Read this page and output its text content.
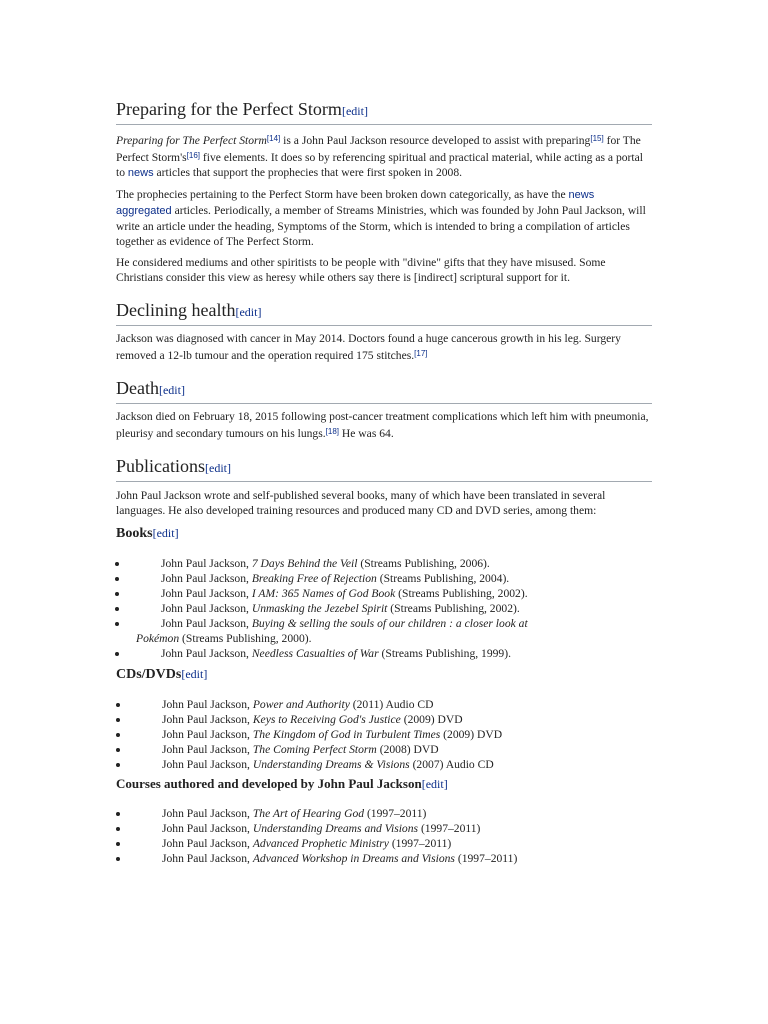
Preparing for the Perfect Storm[edit]

Preparing for The Perfect Storm[14] is a John Paul Jackson resource developed to assist with preparing[15] for The Perfect Storm's[16] five elements. It does so by referencing spiritual and practical material, while acting as a portal to news articles that support the prophecies that were first spoken in 2008.

The prophecies pertaining to the Perfect Storm have been broken down categorically, as have the news aggregated articles. Periodically, a member of Streams Ministries, which was founded by John Paul Jackson, will write an article under the heading, Symptoms of the Storm, which is intended to bring a compilation of articles together as evidence of The Perfect Storm.

He considered mediums and other spiritists to be people with "divine" gifts that they have misused. Some Christians consider this view as heresy while others say there is [indirect] scriptural support for it.

Declining health[edit]

Jackson was diagnosed with cancer in May 2014. Doctors found a huge cancerous growth in his leg. Surgery removed a 12-lb tumour and the operation required 175 stitches.[17]

Death[edit]

Jackson died on February 18, 2015 following post-cancer treatment complications which left him with pneumonia, pleurisy and secondary tumours on his lungs.[18] He was 64.

Publications[edit]

John Paul Jackson wrote and self-published several books, many of which have been translated in several languages. He also developed training resources and produced many CD and DVD series, among them:

Books[edit]
John Paul Jackson, 7 Days Behind the Veil (Streams Publishing, 2006).
John Paul Jackson, Breaking Free of Rejection (Streams Publishing, 2004).
John Paul Jackson, I AM: 365 Names of God Book (Streams Publishing, 2002).
John Paul Jackson, Unmasking the Jezebel Spirit (Streams Publishing, 2002).
John Paul Jackson, Buying & selling the souls of our children : a closer look at
Pokémon (Streams Publishing, 2000).
John Paul Jackson, Needless Casualties of War (Streams Publishing, 1999).
CDs/DVDs[edit]
John Paul Jackson, Power and Authority (2011) Audio CD
John Paul Jackson, Keys to Receiving God's Justice (2009) DVD
John Paul Jackson, The Kingdom of God in Turbulent Times (2009) DVD
John Paul Jackson, The Coming Perfect Storm (2008) DVD
John Paul Jackson, Understanding Dreams & Visions (2007) Audio CD
Courses authored and developed by John Paul Jackson[edit]
John Paul Jackson, The Art of Hearing God (1997–2011)
John Paul Jackson, Understanding Dreams and Visions (1997–2011)
John Paul Jackson, Advanced Prophetic Ministry (1997–2011)
John Paul Jackson, Advanced Workshop in Dreams and Visions (1997–2011)
